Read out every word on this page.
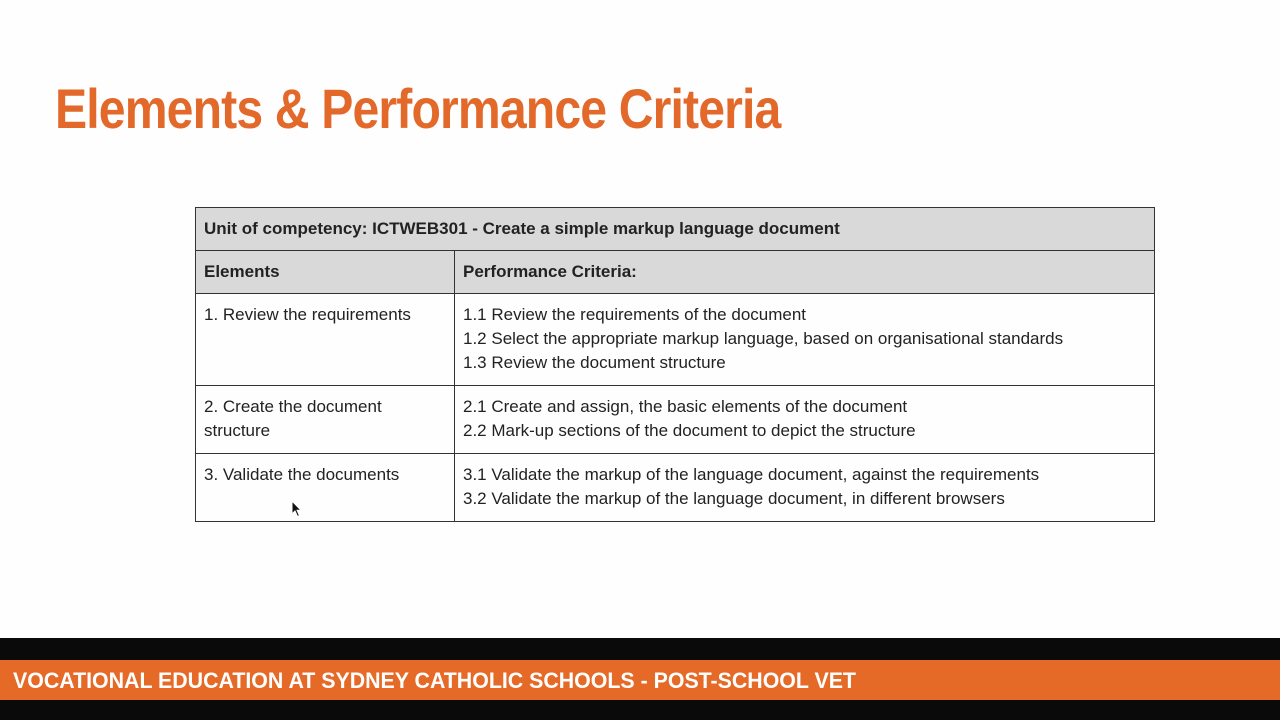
Elements & Performance Criteria
Unit of competency: ICTWEB301 - Create a simple markup language document	
Elements	Performance Criteria:
1. Review the requirements	1.1 Review the requirements of the document
1.2 Select the appropriate markup language, based on organisational standards
1.3 Review the document structure

2. Create the document structure	2.1 Create and assign, the basic elements of the document
2.2 Mark-up sections of the document to depict the structure

3. Validate the documents	3.1 Validate the markup of the language document, against the requirements
3.2 Validate the markup of the language document, in different browsers
VOCATIONAL EDUCATION AT SYDNEY CATHOLIC SCHOOLS - POST-SCHOOL VET
